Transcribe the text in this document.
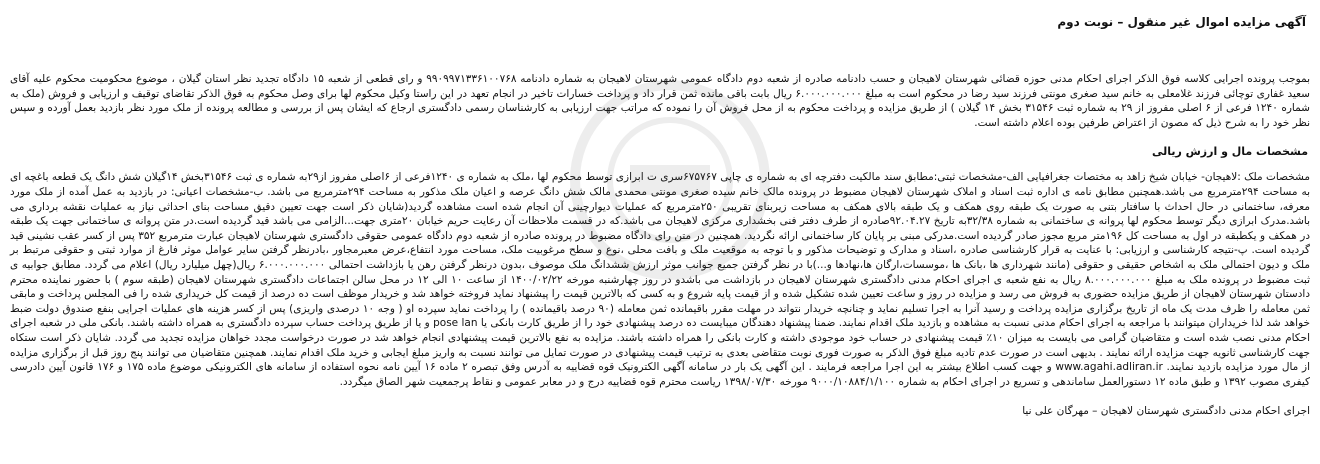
آگهی مزایده اموال غیر منقول – نوبت دوم

بموجب پرونده اجرایی کلاسه فوق الذکر اجرای احکام مدنی حوزه قضائی شهرستان لاهیجان و حسب دادنامه صادره از شعبه دوم دادگاه عمومی شهرستان لاهیجان به شماره دادنامه ۹۹۰۹۹۷۱۳۳۶۱۰۰۷۶۸ و رای قطعی از شعبه ۱۵ دادگاه تجدید نظر استان گیلان ، موضوع محکومیت محکوم علیه آقای سعید غفاری توچائی فرزند غلامعلی به خانم سید صغری مونتی فرزند سید رضا در محکوم است به مبلغ ۶.۰۰۰.۰۰۰.۰۰۰ ریال بابت باقی مانده ثمن قرار داد و پرداخت خسارات تاخیر در انجام تعهد در این راستا وکیل محکوم لها برای وصل محکوم به فوق الذکر تقاضای توقیف و ارزیابی و فروش (ملک به شماره ۱۲۴۰ فرعی از ۶ اصلی مفروز از ۲۹ به شماره ثبت ۳۱۵۴۶ بخش ۱۴ گیلان ) از طریق مزایده و پرداخت محکوم به از محل فروش آن را نموده که مراتب جهت ارزیابی به کارشناسان رسمی دادگستری ارجاع که ایشان پس از بررسی و مطالعه پرونده از ملک مورد نظر بازدید بعمل آورده و سپس نظر خود را به شرح ذیل که مصون از اعتراض طرفین بوده اعلام داشته است.

مشخصات مال و ارزش ریالی

مشخصات ملک :لاهیجان- خیابان شیخ زاهد به مختصات جغرافیایی الف-مشخصات ثبتی:مطابق سند مالکیت دفترچه ای به شماره ی چاپی ۶۷۵۷۶۷سری ت ابرازی توسط محکوم لها ،ملک به شماره ی ۱۲۴۰فرعی از ۶اصلی مفروز از۲۹به شماره ی ثبت ۳۱۵۴۶بخش ۱۴گیلان شش دانگ یک قطعه باغچه ای به مساحت ۲۹۴مترمربع می باشد.همچنین مطابق نامه ی اداره ثبت اسناد و املاک شهرستان لاهیجان مضبوط در پرونده مالک خانم سیده صغری مونتی محمدی مالک شش دانگ عرصه و اعیان ملک مذکور به مساحت ۲۹۴مترمربع می باشد. ب-مشخصات اعیانی: در بازدید به عمل آمده از ملک مورد معرفه، ساختمانی در حال احداث با سافتار بتنی به صورت یک طبقه روی همکف و یک طبقه بالای همکف به مساحت زیربنای تقریبی ۲۵۰مترمربع که عملیات دیوارچینی آن انجام شده است مشاهده گردید(شایان ذکر است جهت تعیین دقیق مساحت بنای احداثی نیاز به عملیات نقشه برداری می باشد.مدرک ابرازی دیگر توسط محکوم لها پروانه ی ساختمانی به شماره ۳۲/۳۸به تاریخ ۹۲.۰۴.۲۷صادره از طرف دفتر فنی بخشداری مرکزی لاهیجان می باشد.که در قسمت ملاحظات آن رعایت حریم خیابان ۲۰متری جهت...الزامی می باشد قید گردیده است.در متن پروانه ی ساختمانی جهت یک طبقه در همکف و یکطبقه در اول به مساحت کل ۱۹۶متر مربع مجوز صادر گردیده است.مدرکی مبنی بر پایان کار ساختمانی ارائه نگردید. همچنین در متن رای دادگاه مضبوط در پرونده صادره از شعبه دوم دادگاه عمومی حقوقی دادگستری شهرستان لاهیجان عبارت مترمربع ۳۵۲ پس از کسر عقب نشینی قید گردیده است. پ-نتیجه کارشناسی و ارزیابی: با عنایت به قرار کارشناسی صادره ،اسناد و مدارک و توضیحات مذکور و با توجه به موقعیت ملک و بافت محلی ،نوع و سطح مرغوبیت ملک، مساحت مورد انتفاع،عرض معبرمجاور ،بادرنظر گرفتن سایر عوامل موثر فارغ از موارد ثبتی و حقوقی مرتبط بر ملک و دیون احتمالی ملک به اشخاص حقیقی و حقوقی (مانند شهرداری ها ،بانک ها ،موسسات،ارگان ها،نهادها و...)با در نظر گرفتن جمیع جوانب موثر ارزش ششدانگ ملک موصوف ،بدون درنظر گرفتن رهن یا بازداشت احتمالی ۶.۰۰۰.۰۰۰.۰۰۰ ریال(چهل میلیارد ریال) اعلام می گردد. مطابق جوابیه ی ثبت مضبوط در پرونده ملک به مبلغ ۸.۰۰۰.۰۰۰.۰۰۰ ریال به نفع شعبه ی اجرای احکام مدنی دادگستری شهرستان لاهیجان در بازداشت می باشدو در روز چهارشنبه مورخه ۱۴۰۰/۰۲/۲۲ از ساعت ۱۰ الی ۱۲ در محل سالن اجتماعات دادگستری شهرستان لاهیجان (طبقه سوم ) با حضور نماینده محترم دادستان شهرستان لاهیجان از طریق مزایده حضوری به فروش می رسد و مزایده در روز و ساعت تعیین شده تشکیل شده و از قیمت پایه شروع و به کسی که بالاترین قیمت را پیشنهاد نماید فروخته خواهد شد و خریدار موظف است ده درصد از قیمت کل خریداری شده را فی المجلس پرداخت و مابقی ثمن معامله را ظرف مدت یک ماه از تاریخ برگزاری مزایده پرداخت و رسید آنرا به اجرا تسلیم نماید و چنانچه خریدار نتواند در مهلت مقرر باقیمانده ثمن معامله (۹۰ درصد باقیمانده ) را پرداخت نماید سپرده او ( وجه ۱۰ درصدی واریزی) پس از کسر هزینه های عملیات اجرایی بنفع صندوق دولت ضبط خواهد شد لذا خریداران میتوانند با مراجعه به اجرای احکام مدنی نسبت به مشاهده و بازدید ملک اقدام نمایند. ضمنا پیشنهاد دهندگان میبایست ده درصد پیشنهادی خود را از طریق کارت بانکی یا pose lan و یا از طریق پرداخت حساب سپرده دادگستری به همراه داشته باشند. بانکی ملی در شعبه اجرای احکام مدنی نصب شده است و متقاضیان گرامی می بایست به میزان ۱۰٪ قیمت پیشنهادی در حساب خود موجودی داشته و کارت بانکی را همراه داشته باشند. مزایده به نفع بالاترین قیمت پیشنهادی انجام خواهد شد در صورت درخواست مجدد خواهان مزایده تجدید می گردد. شایان ذکر است ستکاه جهت کارشناسی ثانویه جهت مزایده ارائه نمایند . بدیهی است در صورت عدم تادیه مبلغ فوق الذکر به صورت فوری نوبت متقاضی بعدی به ترتیب قیمت پیشنهادی در صورت تمایل می توانند نسبت به واریز مبلغ ایجابی و خرید ملک اقدام نمایند. همچنین متقاضیان می توانند پنج روز قبل از برگزاری مزایده از مال مورد مزایده بازدید نمایند. www.agahi.adliran.ir و جهت کسب اطلاع بیشتر به این اجرا مراجعه فرمایند . این آگهی یک بار در سامانه آگهی الکترونیک قوه قضاییه به آدرس وفق تبصره ۲ ماده ۱۶ آیین نامه نحوه استفاده از سامانه های الکترونیکی موضوع ماده ۱۷۵ و ۱۷۶ قانون آیین دادرسی کیفری مصوب ۱۳۹۲ و طبق ماده ۱۲ دستورالعمل ساماندهی و تسریع در اجرای احکام به شماره ۹۰۰۰/۱۰۸۸۴/۱/۱۰۰ مورخه ۱۳۹۸/۰۷/۳۰ ریاست محترم قوه قضاییه درج و در معابر عمومی و نقاط پرجمعیت شهر الصاق میگردد.

اجرای احکام مدنی دادگستری شهرستان لاهیجان – مهرگان علی نیا
